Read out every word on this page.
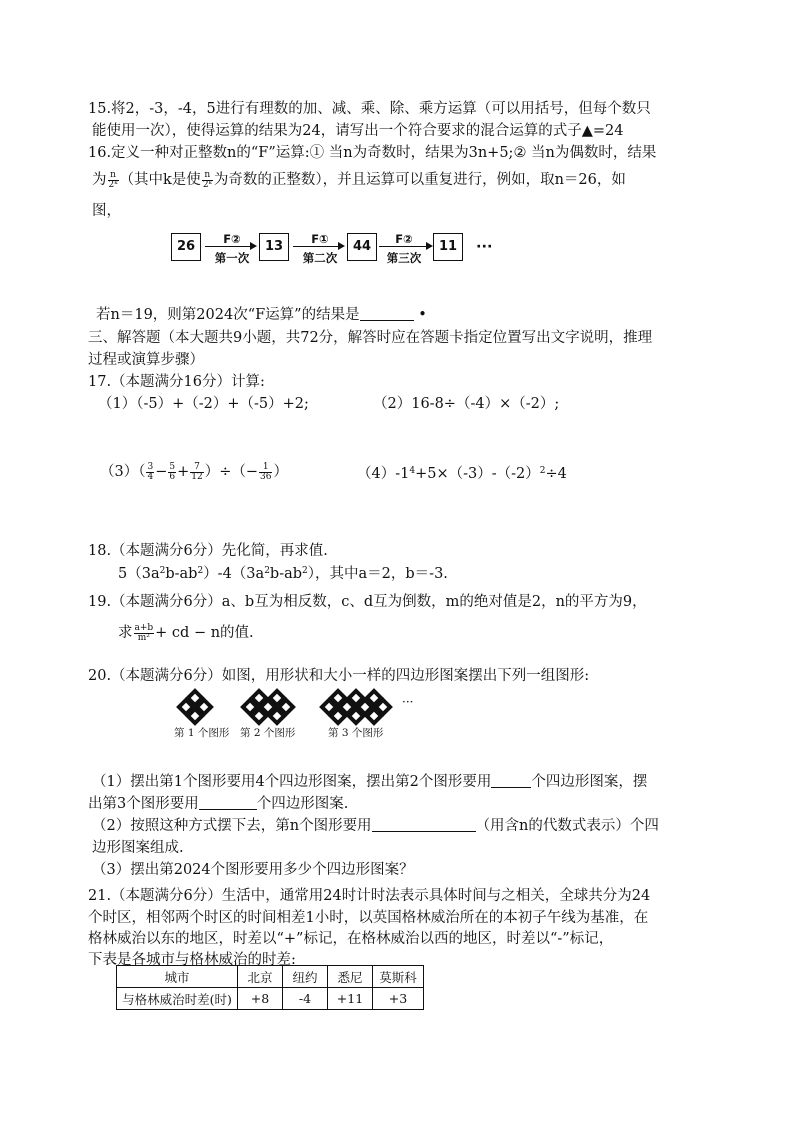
15.将2，-3，-4，5进行有理数的加、减、乘、除、乘方运算（可以用括号，但每个数只
能使用一次），使得运算的结果为24，请写出一个符合要求的混合运算的式子▲=24
16.定义一种对正整数n的“F”运算:① 当n为奇数时，结果为3n+5;② 当n为偶数时，结果
为 $\frac{n}{\text{2ᵏ}}$ （其中k是使 $\frac{n}{\text{2ᵏ}}$ 为奇数的正整数），并且运算可以重复进行，例如，取n＝26，如
图，
26	F②
第一次
13	F①
第二次
44	F②
第三次
11	···
若n＝19，则第2024次“F运算”的结果是	•
三、解答题（本大题共9小题，共72分，解答时应在答题卡指定位置写出文字说明，推理
过程或演算步骤）
17.（本题满分16分）计算:
（1）（-5）+（-2）+（-5）+2;	（2）16-8÷（-4）×（-2）;
$(3)( \frac{3}{4} - \frac{5}{6} + \frac{7}{12}$ ）÷（− $\frac{1}{36}$ ）	$(4)-1^4+5\times(-3)-(-2)^2\div 4$
18.（本题满分6分）先化简，再求值.
$5(3a^2b-ab^2)-4(3a^2b-ab^2)$，其中a＝2，b＝-3.
19.（本题满分6分）a、b互为相反数，c、d互为倒数，m的绝对值是2，n的平方为9，
求 $\frac{a+b}{\text{m²}}$ + cd − n的值.
20.（本题满分6分）如图，用形状和大小一样的四边形图案摆出下列一组图形:
···
第 1 个图形 第 2 个图形	第 3 个图形
（1）摆出第1个图形要用4个四边形图案，摆出第2个图形要用	个四边形图案，摆
出第3个图形要用	个四边形图案.
（2）按照这种方式摆下去，第n个图形要用	（用含n的代数式表示）个四
边形图案组成.
（3）摆出第2024个图形要用多少个四边形图案？
21.（本题满分6分）生活中，通常用24时计时法表示具体时间与之相关，全球共分为24
个时区，相邻两个时区的时间相差1小时，以英国格林威治所在的本初子午线为基准，在
格林威治以东的地区，时差以“+”标记，在格林威治以西的地区，时差以“-”标记，
下表是各城市与格林威治的时差:
城市	北京	纽约	悉尼	莫斯科
与格林威治时差(时)	+8	-4	+11	+3
